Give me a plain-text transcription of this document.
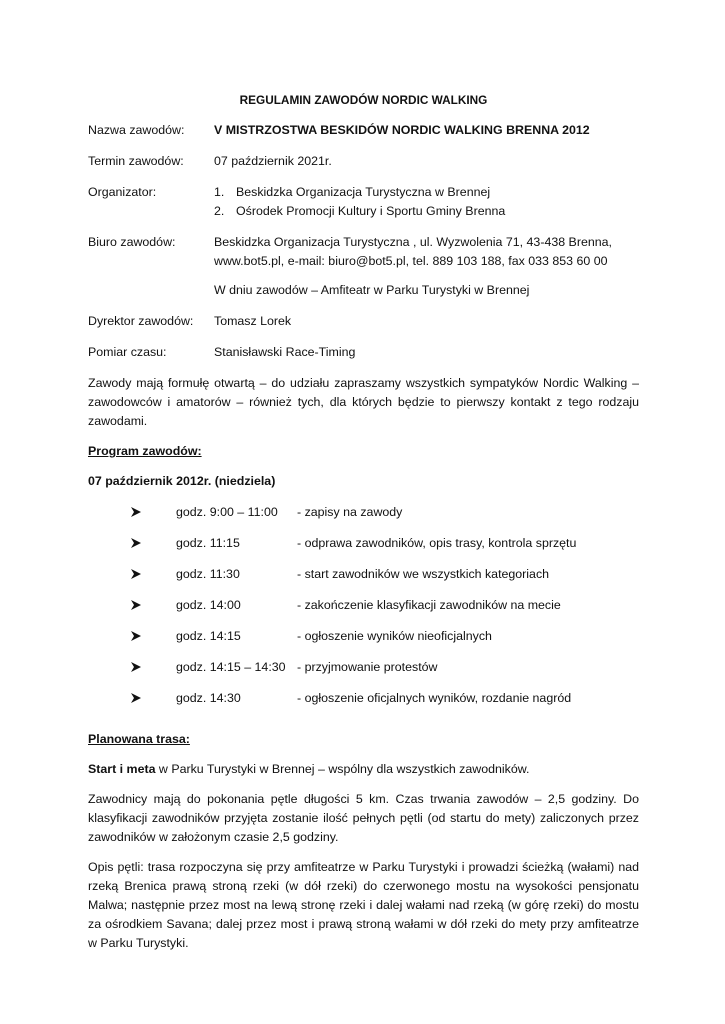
REGULAMIN ZAWODÓW NORDIC WALKING
Nazwa zawodów:	V MISTRZOSTWA BESKIDÓW NORDIC WALKING BRENNA 2012
Termin zawodów:	07 październik 2021r.
Organizator:	1. Beskidzka Organizacja Turystyczna w Brennej
2. Ośrodek Promocji Kultury i Sportu Gminy Brenna
Biuro zawodów:	Beskidzka Organizacja Turystyczna , ul. Wyzwolenia 71, 43-438 Brenna,
www.bot5.pl, e-mail: biuro@bot5.pl, tel. 889 103 188, fax 033 853 60 00
W dniu zawodów – Amfiteatr w Parku Turystyki w Brennej
Dyrektor zawodów:	Tomasz Lorek
Pomiar czasu:	Stanisławski Race-Timing

Zawody mają formułę otwartą – do udziału zapraszamy wszystkich sympatyków Nordic Walking – zawodowców i amatorów – również tych, dla których będzie to pierwszy kontakt z tego rodzaju zawodami.

Program zawodów:
07 październik 2012r. (niedziela)
godz. 9:00 – 11:00	- zapisy na zawody
godz. 11:15	- odprawa zawodników, opis trasy, kontrola sprzętu
godz. 11:30	- start zawodników we wszystkich kategoriach
godz. 14:00	- zakończenie klasyfikacji zawodników na mecie
godz. 14:15	- ogłoszenie wyników nieoficjalnych
godz. 14:15 – 14:30 - przyjmowanie protestów
godz. 14:30	- ogłoszenie oficjalnych wyników, rozdanie nagród
Planowana trasa:
Start i meta w Parku Turystyki w Brennej – wspólny dla wszystkich zawodników.

Zawodnicy mają do pokonania pętle długości 5 km. Czas trwania zawodów – 2,5 godziny. Do klasyfikacji zawodników przyjęta zostanie ilość pełnych pętli (od startu do mety) zaliczonych przez zawodników w założonym czasie 2,5 godziny.

Opis pętli: trasa rozpoczyna się przy amfiteatrze w Parku Turystyki i prowadzi ścieżką (wałami) nad rzeką Brenica prawą stroną rzeki (w dół rzeki) do czerwonego mostu na wysokości pensjonatu Malwa; następnie przez most na lewą stronę rzeki i dalej wałami nad rzeką (w górę rzeki) do mostu za ośrodkiem Savana; dalej przez most i prawą stroną wałami w dół rzeki do mety przy amfiteatrze w Parku Turystyki.
